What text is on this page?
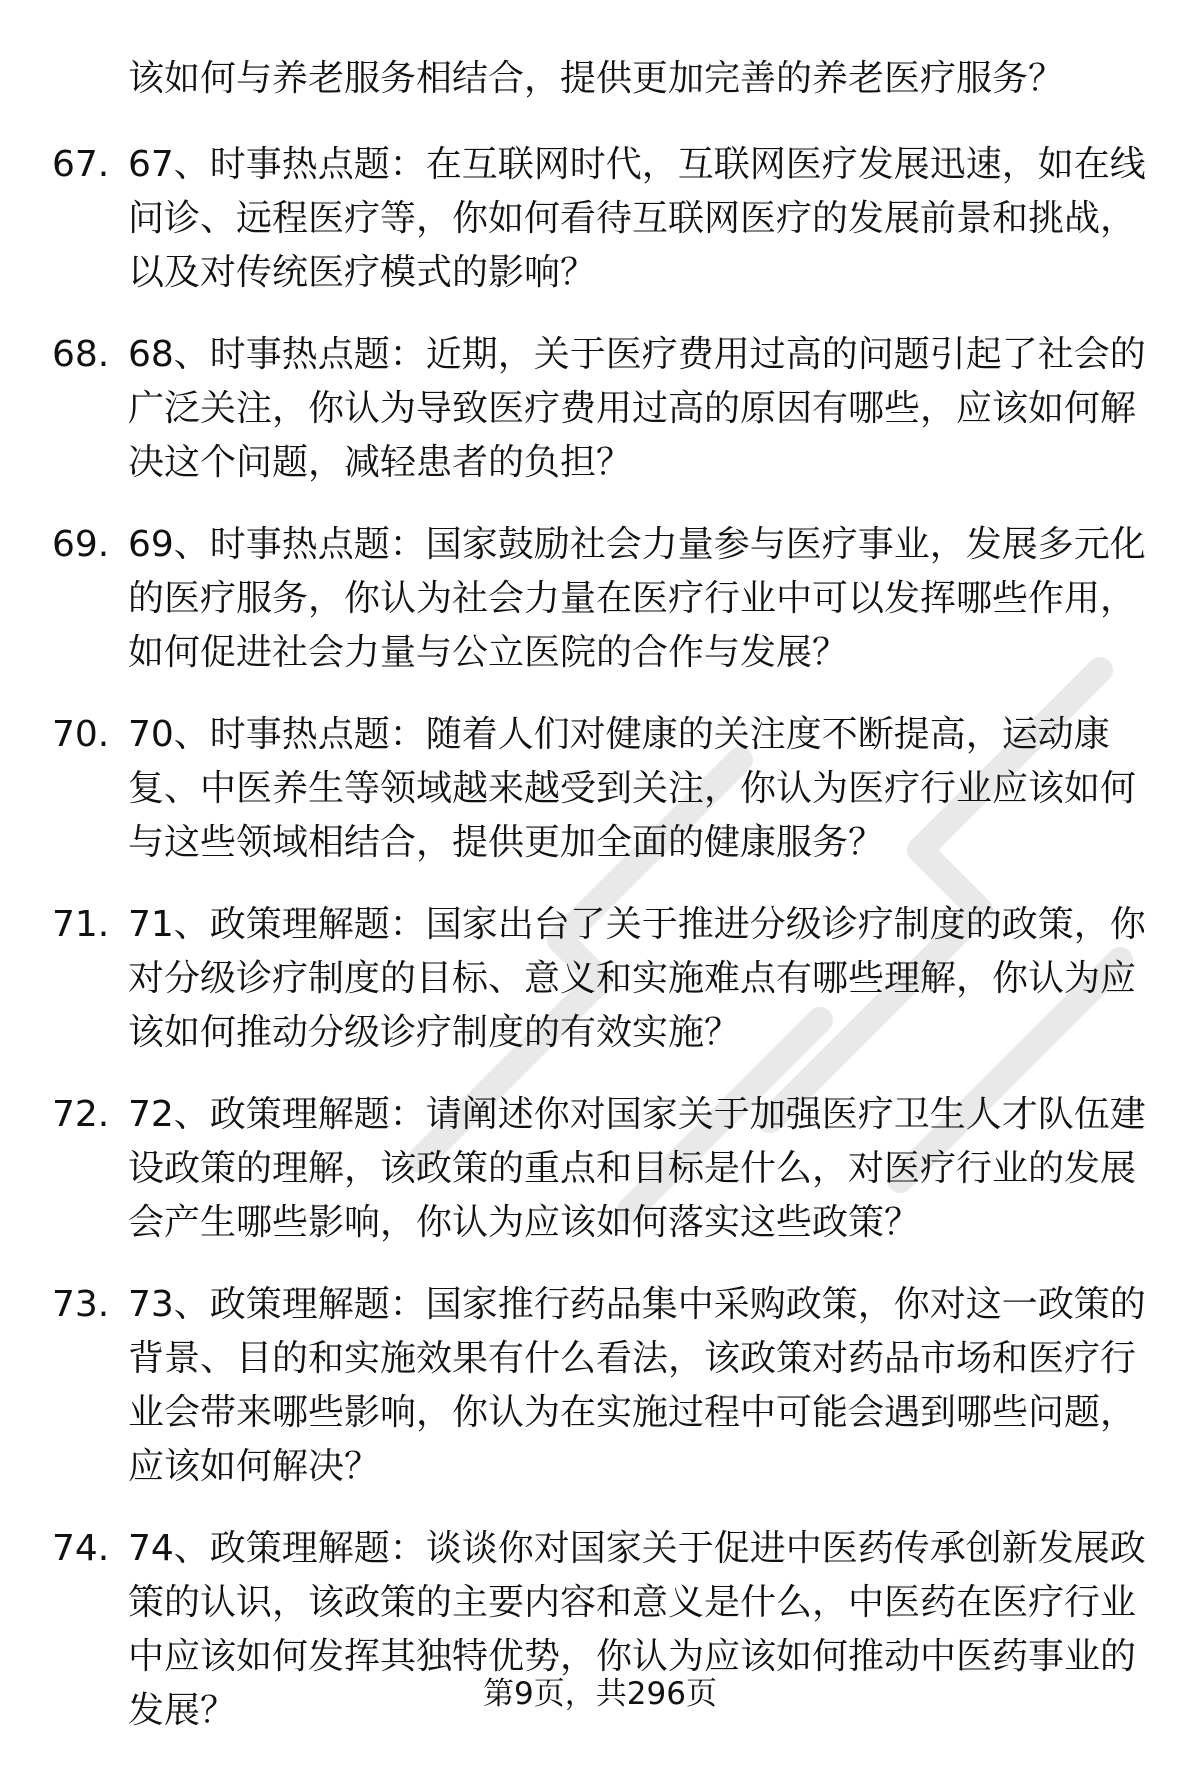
该如何与养老服务相结合，提供更加完善的养老医疗服务？
67. 67、时事热点题：在互联网时代，互联网医疗发展迅速，如在线问诊、远程医疗等，你如何看待互联网医疗的发展前景和挑战，以及对传统医疗模式的影响？
68. 68、时事热点题：近期，关于医疗费用过高的问题引起了社会的广泛关注，你认为导致医疗费用过高的原因有哪些，应该如何解决这个问题，减轻患者的负担？
69. 69、时事热点题：国家鼓励社会力量参与医疗事业，发展多元化的医疗服务，你认为社会力量在医疗行业中可以发挥哪些作用，如何促进社会力量与公立医院的合作与发展？
70. 70、时事热点题：随着人们对健康的关注度不断提高，运动康复、中医养生等领域越来越受到关注，你认为医疗行业应该如何与这些领域相结合，提供更加全面的健康服务？
71. 71、政策理解题：国家出台了关于推进分级诊疗制度的政策，你对分级诊疗制度的目标、意义和实施难点有哪些理解，你认为应该如何推动分级诊疗制度的有效实施？
72. 72、政策理解题：请阐述你对国家关于加强医疗卫生人才队伍建设政策的理解，该政策的重点和目标是什么，对医疗行业的发展会产生哪些影响，你认为应该如何落实这些政策？
73. 73、政策理解题：国家推行药品集中采购政策，你对这一政策的背景、目的和实施效果有什么看法，该政策对药品市场和医疗行业会带来哪些影响，你认为在实施过程中可能会遇到哪些问题，应该如何解决？
74. 74、政策理解题：谈谈你对国家关于促进中医药传承创新发展政策的认识，该政策的主要内容和意义是什么，中医药在医疗行业中应该如何发挥其独特优势，你认为应该如何推动中医药事业的发展？	第9页，共296页
